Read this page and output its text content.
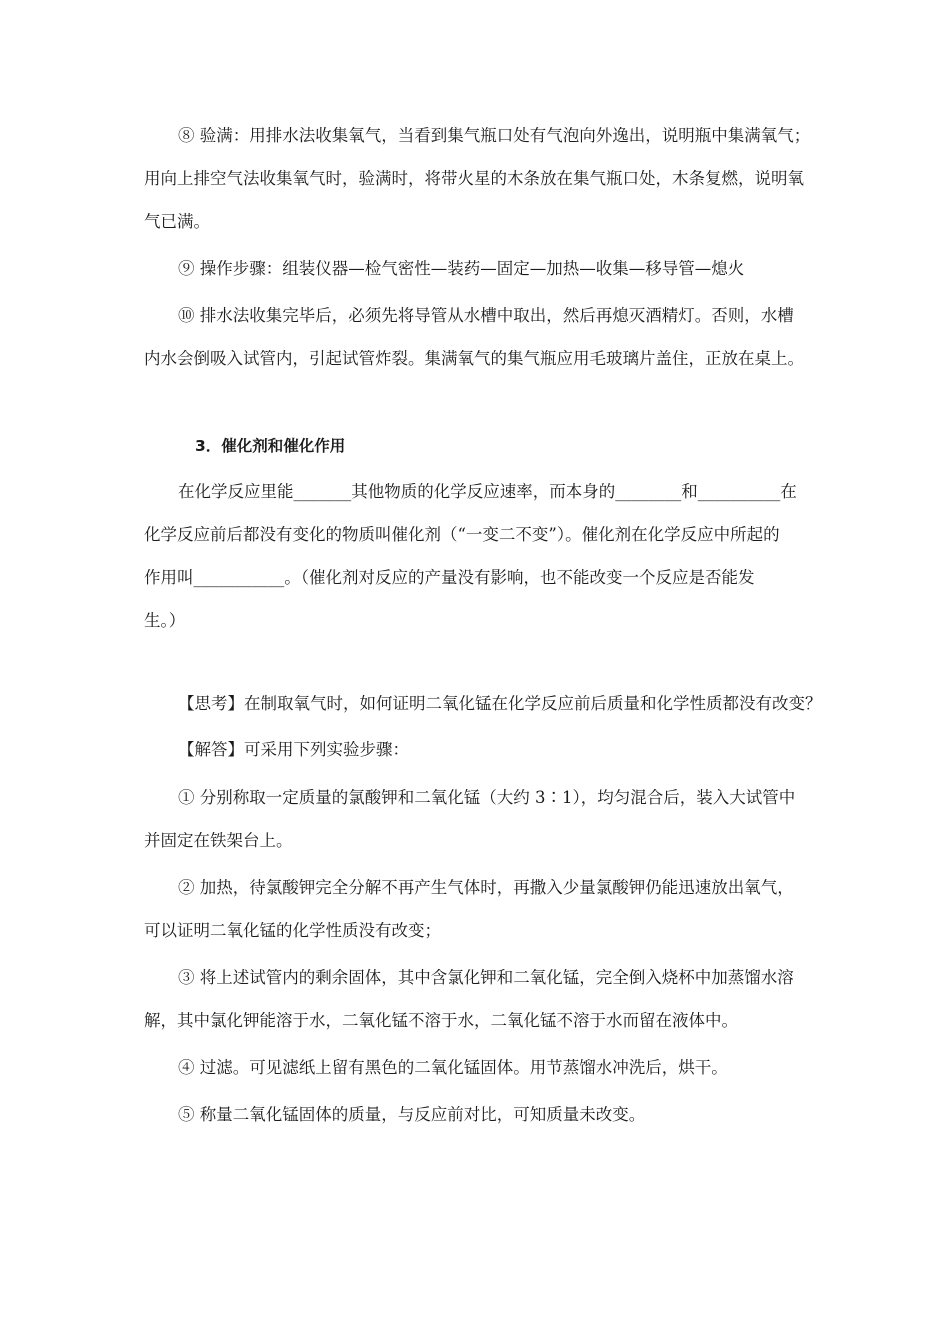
⑧ 验满：用排水法收集氧气，当看到集气瓶口处有气泡向外逸出，说明瓶中集满氧气；
用向上排空气法收集氧气时，验满时，将带火星的木条放在集气瓶口处，木条复燃，说明氧
气已满。
⑨ 操作步骤：组装仪器—检气密性—装药—固定—加热—收集—移导管—熄火
⑩ 排水法收集完毕后，必须先将导管从水槽中取出，然后再熄灭酒精灯。否则，水槽
内水会倒吸入试管内，引起试管炸裂。集满氧气的集气瓶应用毛玻璃片盖住，正放在桌上。
3．催化剂和催化作用
在化学反应里能_______其他物质的化学反应速率，而本身的________和__________在
化学反应前后都没有变化的物质叫催化剂（“一变二不变”）。催化剂在化学反应中所起的
作用叫___________。（催化剂对反应的产量没有影响，也不能改变一个反应是否能发
生。）
【思考】在制取氧气时，如何证明二氧化锰在化学反应前后质量和化学性质都没有改变？
【解答】可采用下列实验步骤：
① 分别称取一定质量的氯酸钾和二氧化锰（大约 3∶1），均匀混合后，装入大试管中
并固定在铁架台上。
② 加热，待氯酸钾完全分解不再产生气体时，再撒入少量氯酸钾仍能迅速放出氧气，
可以证明二氧化锰的化学性质没有改变；
③ 将上述试管内的剩余固体，其中含氯化钾和二氧化锰，完全倒入烧杯中加蒸馏水溶
解，其中氯化钾能溶于水，二氧化锰不溶于水，二氧化锰不溶于水而留在液体中。
④ 过滤。可见滤纸上留有黑色的二氧化锰固体。用节蒸馏水冲洗后，烘干。
⑤ 称量二氧化锰固体的质量，与反应前对比，可知质量未改变。
